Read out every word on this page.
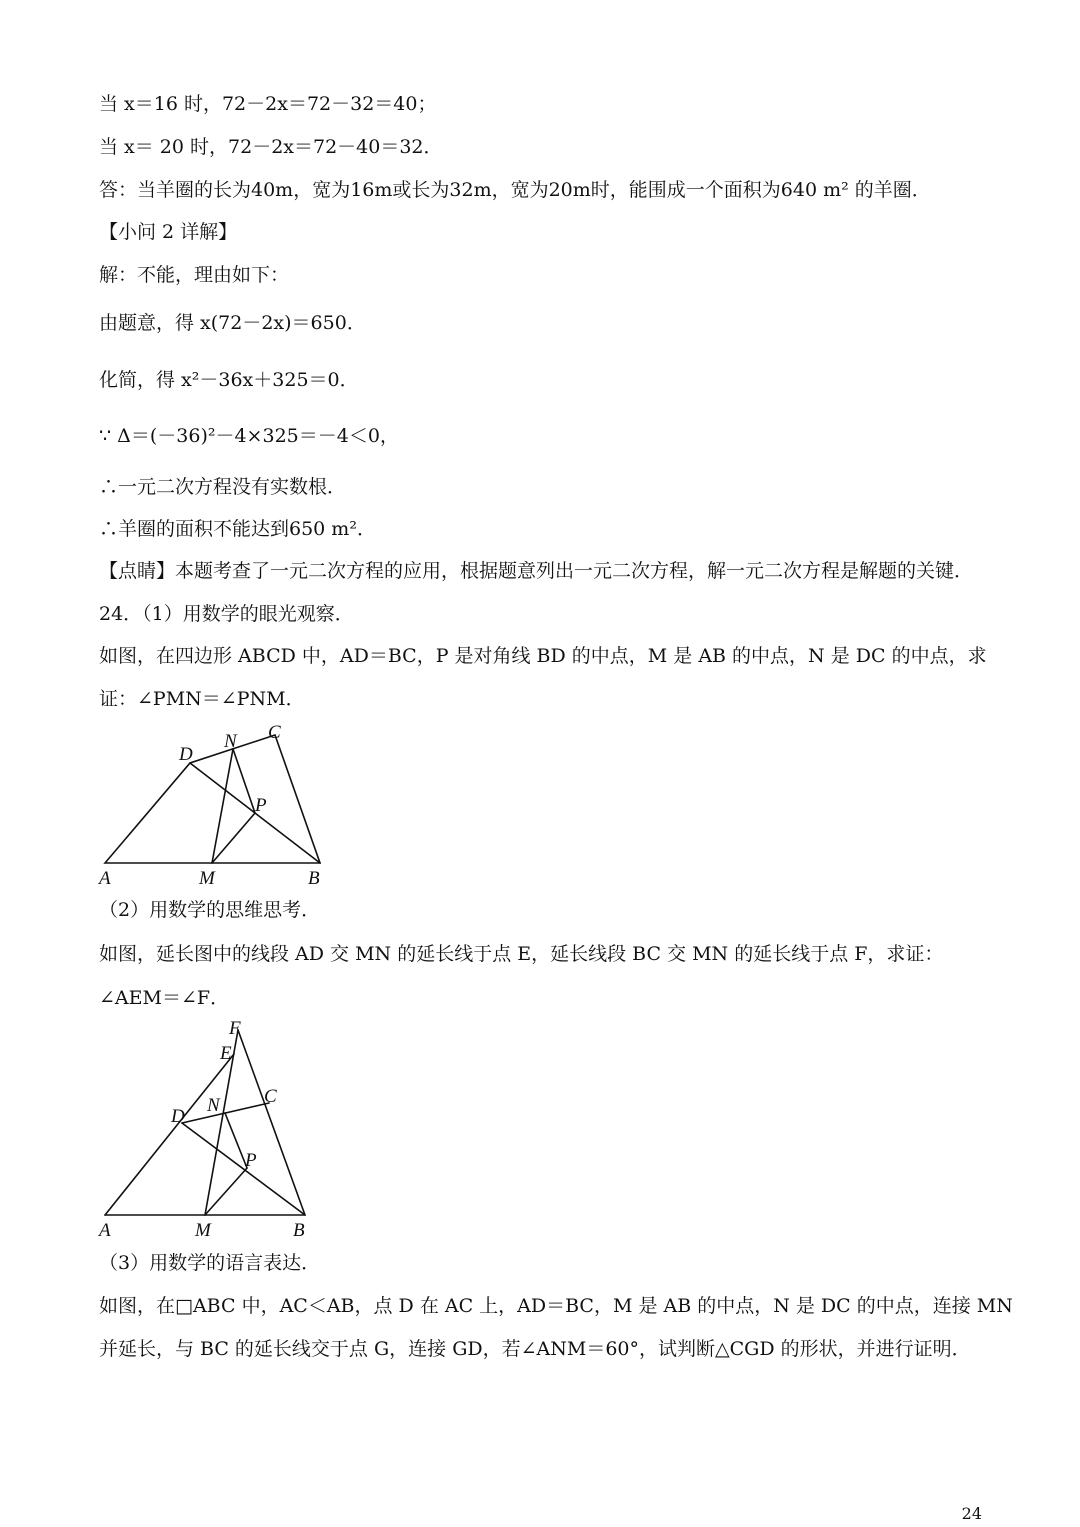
当 x＝16 时，72－2x＝72－32＝40；
当 x＝ 20 时，72－2x＝72－40＝32．
答：当羊圈的长为40m，宽为16m或长为32m，宽为20m时，能围成一个面积为640 m² 的羊圈．
【小问 2 详解】
解：不能，理由如下：
由题意，得 x(72－2x)＝650．
化简，得 x²－36x＋325＝0．
∵ Δ＝(－36)²－4×325＝－4＜0，
∴一元二次方程没有实数根．
∴羊圈的面积不能达到650 m²．
【点睛】本题考查了一元二次方程的应用，根据题意列出一元二次方程，解一元二次方程是解题的关键．
24．（1）用数学的眼光观察．
如图，在四边形 ABCD 中，AD＝BC，P 是对角线 BD 的中点，M 是 AB 的中点，N 是 DC 的中点，求
证：∠PMN＝∠PNM．
A	M	B
D
N C
P
（2）用数学的思维思考．
如图，延长图中的线段 AD 交 MN 的延长线于点 E，延长线段 BC 交 MN 的延长线于点 F，求证：
∠AEM＝∠F．
A	M	B
D
N C
E
F
P
（3）用数学的语言表达．
如图，在□ABC 中，AC＜AB，点 D 在 AC 上，AD＝BC，M 是 AB 的中点，N 是 DC 的中点，连接 MN
并延长，与 BC 的延长线交于点 G，连接 GD，若∠ANM＝60°，试判断△CGD 的形状，并进行证明．
24
